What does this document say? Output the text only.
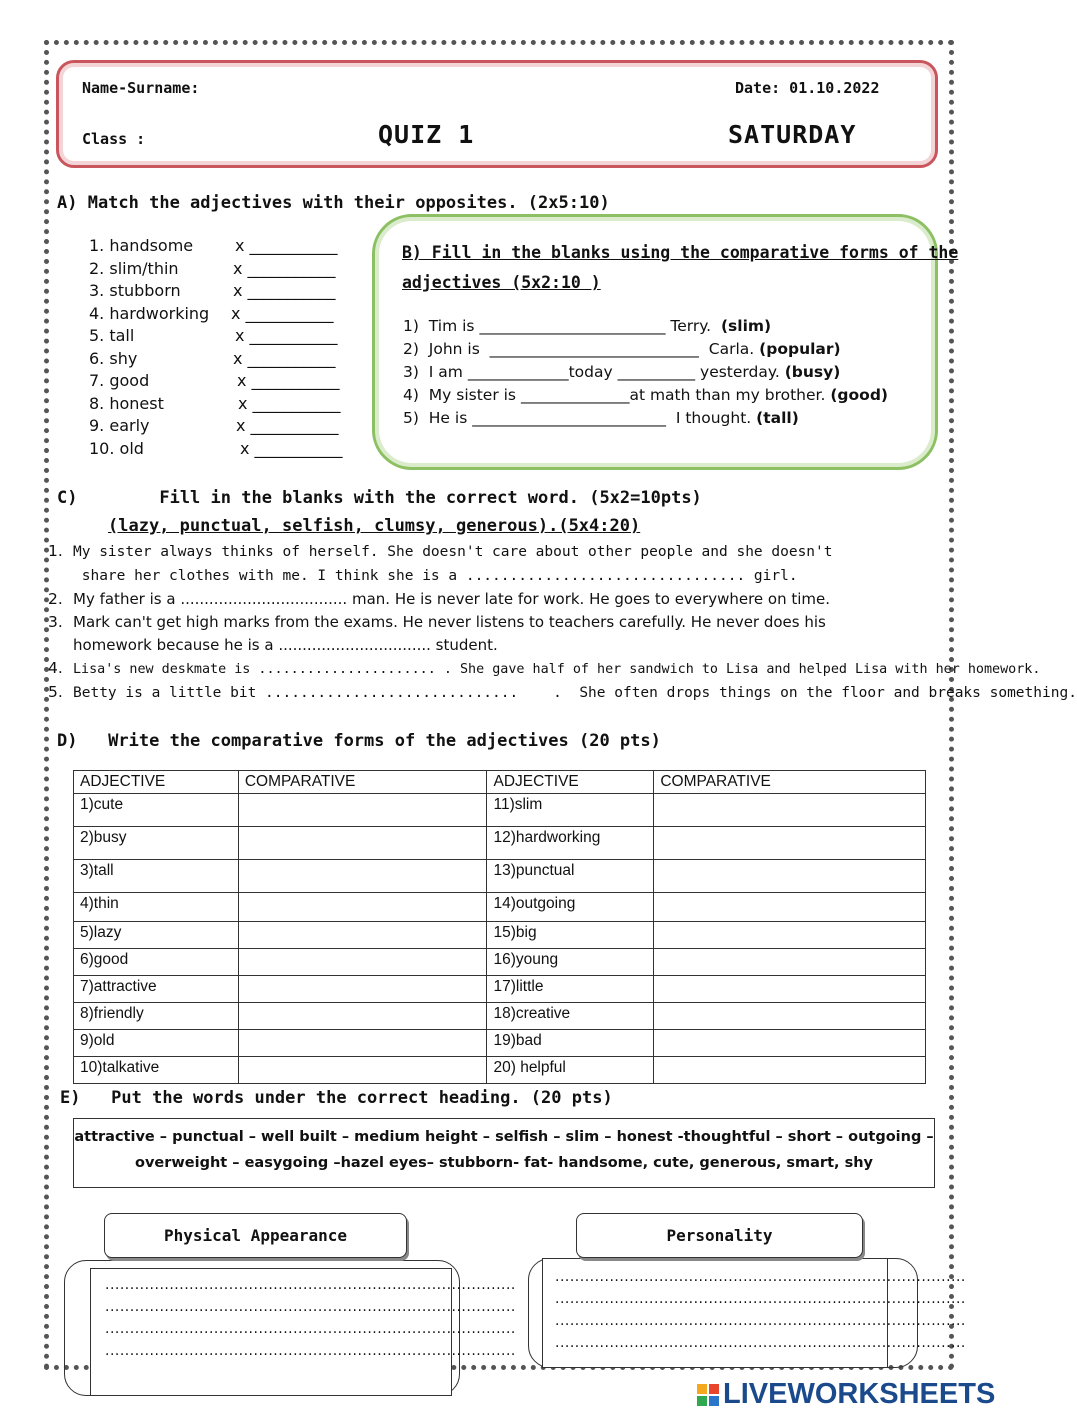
Name-Surname:	Date: 01.10.2022
Class :	QUIZ 1	SATURDAY
A) Match the adjectives with their opposites. (2x5:10)
1. handsome	x ___________
2. slim/thin	x ___________
3. stubborn	x ___________
4. hardworking x ___________
5. tall	x ___________
6. shy	x ___________
7. good	x ___________
8. honest	x ___________
9. early	x ___________
10. old	x ___________
B) Fill in the blanks using the comparative forms of the
adjectives (5x2:10 )
1) Tim is ________________________ Terry. (slim)
2) John is ___________________________ Carla. (popular)
3) I am _____________today __________ yesterday. (busy)
4) My sister is ______________at math than my brother. (good)
5) He is _________________________ I thought. (tall)
C)        Fill in the blanks with the correct word. (5x2=10pts)
(lazy, punctual, selfish, clumsy, generous).(5x4:20)
1. My sister always thinks of herself. She doesn't care about other people and she doesn't
share her clothes with me. I think she is a ................................ girl.
2. My father is a ................................... man. He is never late for work. He goes to everywhere on time.
3. Mark can't get high marks from the exams. He never listens to teachers carefully. He never does his
homework because he is a ................................ student.
4. Lisa's new deskmate is ...................... . She gave half of her sandwich to Lisa and helped Lisa with her homework.
5. Betty is a little bit .............................    .  She often drops things on the floor and breaks something.
D)   Write the comparative forms of the adjectives (20 pts)
ADJECTIVE	COMPARATIVE	ADJECTIVE	COMPARATIVE
1)cute		11)slim	
2)busy		12)hardworking	
3)tall		13)punctual	
4)thin		14)outgoing	
5)lazy		15)big	
6)good		16)young	
7)attractive		17)little	
8)friendly		18)creative	
9)old		19)bad	
10)talkative		20) helpful	
E)   Put the words under the correct heading. (20 pts)
attractive – punctual – well built – medium height – selfish – slim – honest -thoughtful – short – outgoing –
overweight – easygoing –hazel eyes– stubborn- fat- handsome, cute, generous, smart, shy
...................................................................................
...................................................................................
...................................................................................
...................................................................................
Physical Appearance
...................................................................................
...................................................................................
...................................................................................
...................................................................................
Personality
LIVEWORKSHEETS
